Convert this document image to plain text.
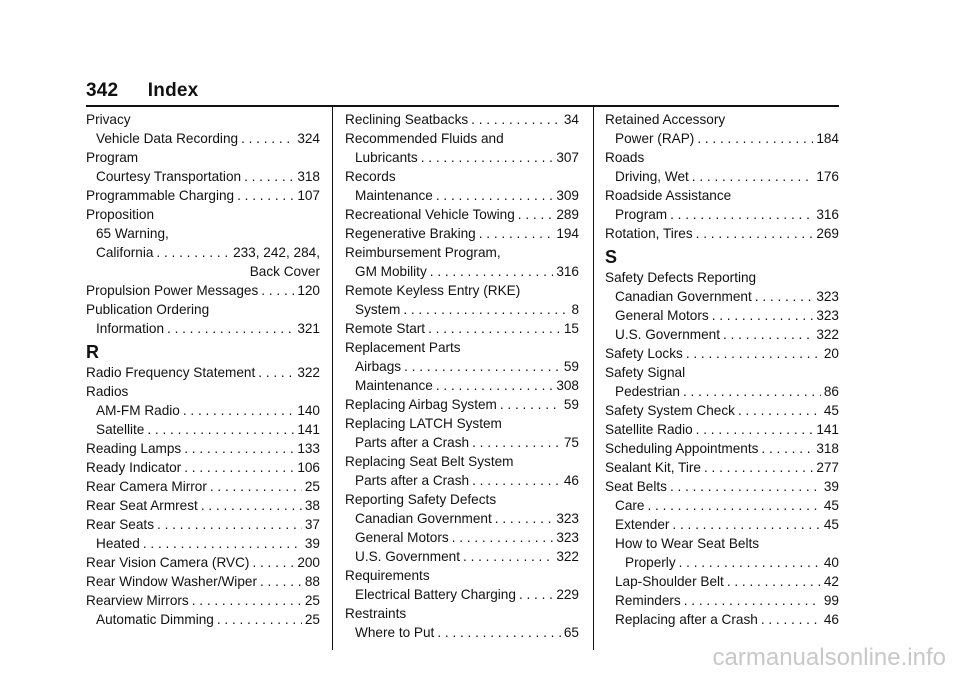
342 Index
Privacy
Vehicle Data Recording . . .	324
Program
Courtesy Transportation . . .	318
Programmable Charging . . .	107
Proposition
65 Warning,
California . . .	233, 242, 284,
Back Cover
Propulsion Power Messages . . .	120
Publication Ordering
Information . . .	321
R
Radio Frequency Statement . . .	322
Radios
AM-FM Radio . . .	140
Satellite . . .	141
Reading Lamps . . .	133
Ready Indicator . . .	106
Rear Camera Mirror . . .	25
Rear Seat Armrest . . .	38
Rear Seats . . .	37
Heated . . .	39
Rear Vision Camera (RVC) . . .	200
Rear Window Washer/Wiper . . .	88
Rearview Mirrors . . .	25
Automatic Dimming . . .	25
Reclining Seatbacks . . .	34
Recommended Fluids and
Lubricants . . .	307
Records
Maintenance . . .	309
Recreational Vehicle Towing . . .	289
Regenerative Braking . . .	194
Reimbursement Program,
GM Mobility . . .	316
Remote Keyless Entry (RKE)
System . . .	8
Remote Start . . .	15
Replacement Parts
Airbags . . .	59
Maintenance . . .	308
Replacing Airbag System . . .	59
Replacing LATCH System
Parts after a Crash . . .	75
Replacing Seat Belt System
Parts after a Crash . . .	46
Reporting Safety Defects
Canadian Government . . .	323
General Motors . . .	323
U.S. Government . . .	322
Requirements
Electrical Battery Charging . . .	229
Restraints
Where to Put . . .	65
Retained Accessory
Power (RAP) . . .	184
Roads
Driving, Wet . . .	176
Roadside Assistance
Program . . .	316
Rotation, Tires . . .	269
S
Safety Defects Reporting
Canadian Government . . .	323
General Motors . . .	323
U.S. Government . . .	322
Safety Locks . . .	20
Safety Signal
Pedestrian . . .	86
Safety System Check . . .	45
Satellite Radio . . .	141
Scheduling Appointments . . .	318
Sealant Kit, Tire . . .	277
Seat Belts . . .	39
Care . . .	45
Extender . . .	45
How to Wear Seat Belts
Properly . . .	40
Lap-Shoulder Belt . . .	42
Reminders . . .	99
Replacing after a Crash . . .	46
carmanualsonline.info
